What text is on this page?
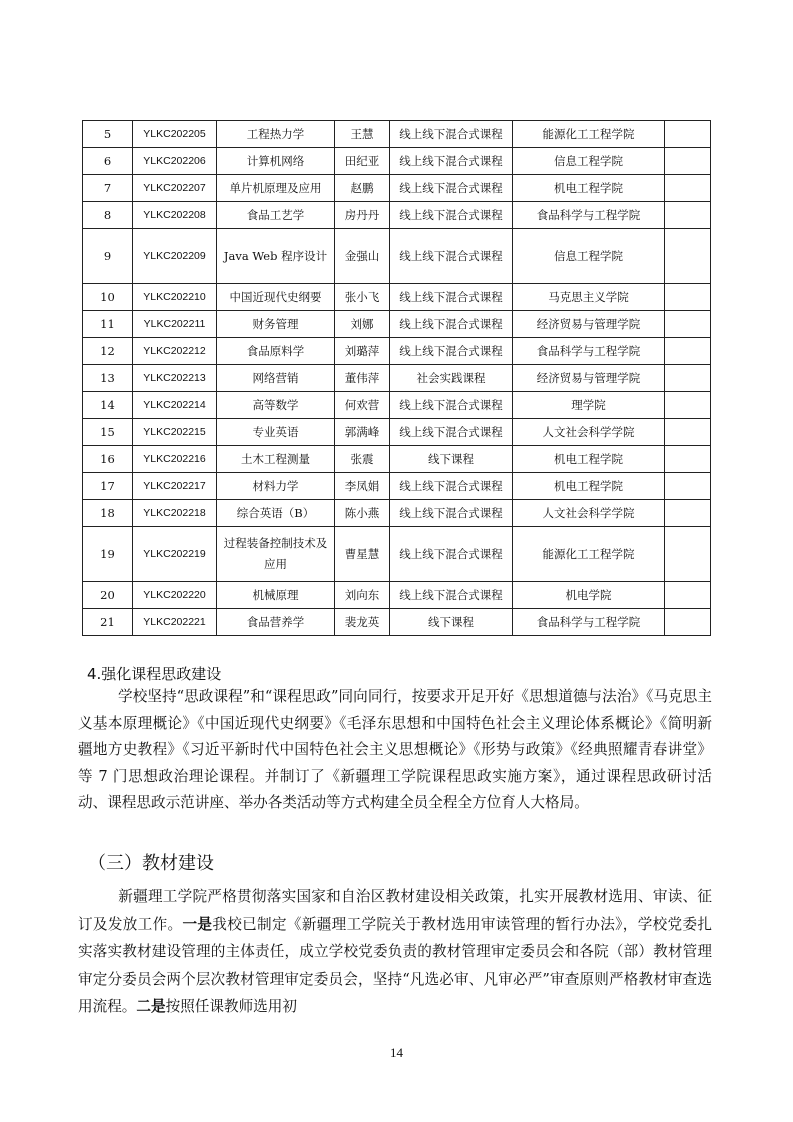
5	YLKC202205	工程热力学	王慧	线上线下混合式课程	能源化工工程学院	
6	YLKC202206	计算机网络	田纪亚	线上线下混合式课程	信息工程学院	
7	YLKC202207	单片机原理及应用	赵鹏	线上线下混合式课程	机电工程学院	
8	YLKC202208	食品工艺学	房丹丹	线上线下混合式课程	食品科学与工程学院	
9	YLKC202209	Java Web 程序设计	金强山	线上线下混合式课程	信息工程学院	
10	YLKC202210	中国近现代史纲要	张小飞	线上线下混合式课程	马克思主义学院	
11	YLKC202211	财务管理	刘娜	线上线下混合式课程	经济贸易与管理学院	
12	YLKC202212	食品原料学	刘璐萍	线上线下混合式课程	食品科学与工程学院	
13	YLKC202213	网络营销	董伟萍	社会实践课程	经济贸易与管理学院	
14	YLKC202214	高等数学	何欢营	线上线下混合式课程	理学院	
15	YLKC202215	专业英语	郭满峰	线上线下混合式课程	人文社会科学学院	
16	YLKC202216	土木工程测量	张震	线下课程	机电工程学院	
17	YLKC202217	材料力学	李凤娟	线上线下混合式课程	机电工程学院	
18	YLKC202218	综合英语（B）	陈小燕	线上线下混合式课程	人文社会科学学院	
19	YLKC202219	过程装备控制技术及应用	曹星慧	线上线下混合式课程	能源化工工程学院	
20	YLKC202220	机械原理	刘向东	线上线下混合式课程	机电学院	
21	YLKC202221	食品营养学	裴龙英	线下课程	食品科学与工程学院	
4.强化课程思政建设

学校坚持“思政课程”和“课程思政”同向同行，按要求开足开好《思想道德与法治》《马克思主义基本原理概论》《中国近现代史纲要》《毛泽东思想和中国特色社会主义理论体系概论》《简明新疆地方史教程》《习近平新时代中国特色社会主义思想概论》《形势与政策》《经典照耀青春讲堂》等 7 门思想政治理论课程。并制订了《新疆理工学院课程思政实施方案》，通过课程思政研讨活动、课程思政示范讲座、举办各类活动等方式构建全员全程全方位育人大格局。

（三）教材建设

新疆理工学院严格贯彻落实国家和自治区教材建设相关政策，扎实开展教材选用、审读、征订及发放工作。一是我校已制定《新疆理工学院关于教材选用审读管理的暂行办法》，学校党委扎实落实教材建设管理的主体责任，成立学校党委负责的教材管理审定委员会和各院（部）教材管理审定分委员会两个层次教材管理审定委员会，坚持“凡选必审、凡审必严”审查原则严格教材审查选用流程。二是按照任课教师选用初

14
